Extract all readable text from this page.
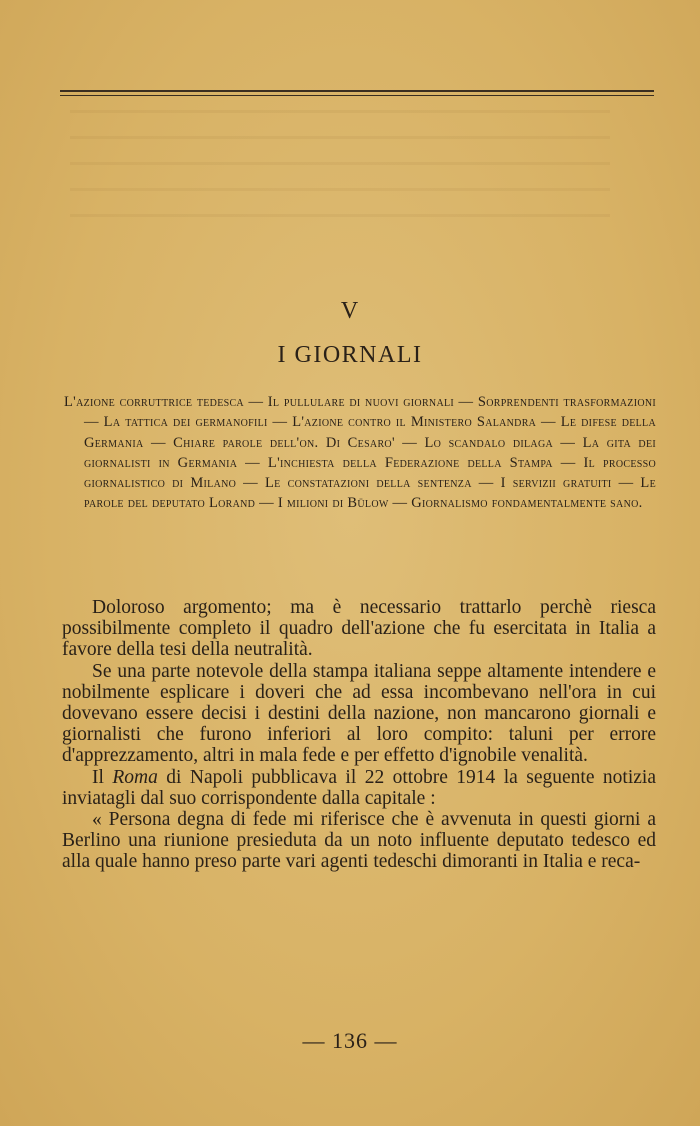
V
I GIORNALI
L'azione corruttrice tedesca — Il pullulare di nuovi giornali — Sorprendenti trasformazioni — La tattica dei germanofili — L'azione contro il Ministero Salandra — Le difese della Germania — Chiare parole dell'on. Di Cesaro' — Lo scandalo dilaga — La gita dei giornalisti in Germania — L'inchiesta della Federazione della Stampa — Il processo giornalistico di Milano — Le constatazioni della sentenza — I servizii gratuiti — Le parole del deputato Lorand — I milioni di Bülow — Giornalismo fondamentalmente sano.

Doloroso argomento; ma è necessario trattarlo perchè riesca possibilmente completo il quadro dell'azione che fu esercitata in Italia a favore della tesi della neutralità.

Se una parte notevole della stampa italiana seppe altamente intendere e nobilmente esplicare i doveri che ad essa incombevano nell'ora in cui dovevano essere decisi i destini della nazione, non mancarono giornali e giornalisti che furono inferiori al loro compito: taluni per errore d'apprezzamento, altri in mala fede e per effetto d'ignobile venalità.

Il Roma di Napoli pubblicava il 22 ottobre 1914 la seguente notizia inviatagli dal suo corrispondente dalla capitale :

« Persona degna di fede mi riferisce che è avvenuta in questi giorni a Berlino una riunione presieduta da un noto influente deputato tedesco ed alla quale hanno preso parte vari agenti tedeschi dimoranti in Italia e reca-

— 136 —
